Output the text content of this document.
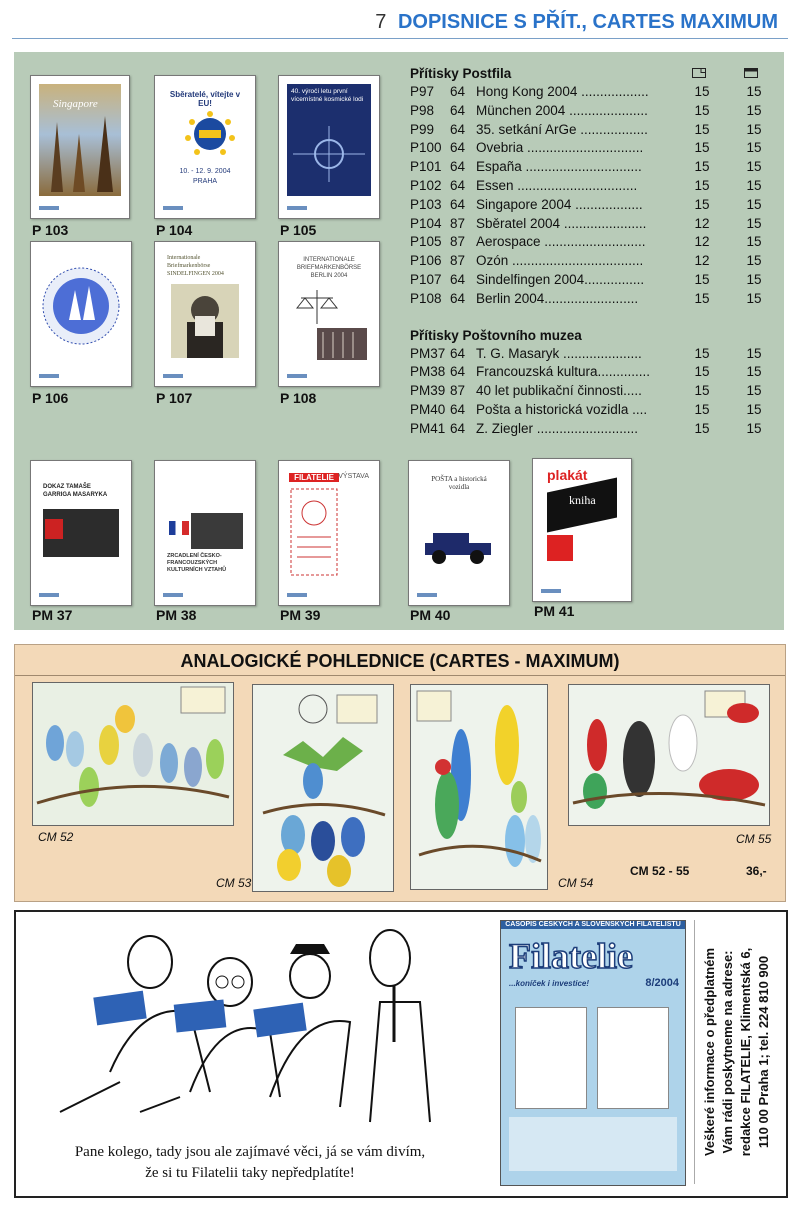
7 DOPISNICE S PŘÍT., CARTES MAXIMUM
Singapore
P 103
Sběratelé, vítejte v EU!
10. - 12. 9. 2004
PRAHA
P 104
40. výročí letu první vícemístné kosmické lodi
P 105
P 106
Internationale Briefmarkenbörse SINDELFINGEN 2004
P 107
INTERNATIONALE BRIEFMARKENBÖRSE BERLIN 2004
P 108
DOKAZ TAMAŠE GARRIGA MASARYKA
PM 37
ZRCADLENÍ ČESKO-FRANCOUZSKÝCH KULTURNÍCH VZTAHŮ
PM 38
FILATELIE VÝSTAVA
PM 39
POŠTA a historická vozidla
PM 40
plakát
kniha
PM 41
Přítisky Postfila
P97 64 Hong Kong 2004 ..................	15	15
P98 64 München 2004 .....................	15	15
P99 64 35. setkání ArGe ..................	15	15
P100 64 Ovebria ...............................	15	15
P101 64 España ...............................	15	15
P102 64 Essen ................................	15	15
P103 64 Singapore 2004 ..................	15	15
P104 87 Sběratel 2004 ......................	12	15
P105 87 Aerospace ...........................	12	15
P106 87 Ozón ...................................	12	15
P107 64 Sindelfingen 2004................	15	15
P108 64 Berlin 2004.........................	15	15
Přítisky Poštovního muzea
PM37 64 T. G. Masaryk .....................	15	15
PM38 64 Francouzská kultura..............	15	15
PM39 87 40 let publikační činnosti.....	15	15
PM40 64 Pošta a historická vozidla ....	15	15
PM41 64 Z. Ziegler ...........................	15	15
ANALOGICKÉ POHLEDNICE (CARTES - MAXIMUM)
CM 52
CM 53	CM 54
CM 55
CM 52 - 55	36,-
Pane kolego, tady jsou ale zajímavé věci, já se vám divím,
že si tu Filatelii taky nepředplatíte!
ČASOPIS ČESKÝCH A SLOVENSKÝCH FILATELISTŮ
Filatelie
...koníček i investice!	8/2004 Veškeré informace o předplatném Vám rádi poskytneme na adrese: redakce FILATELIE, Klimentská 6, 110 00 Praha 1; tel. 224 810 900
